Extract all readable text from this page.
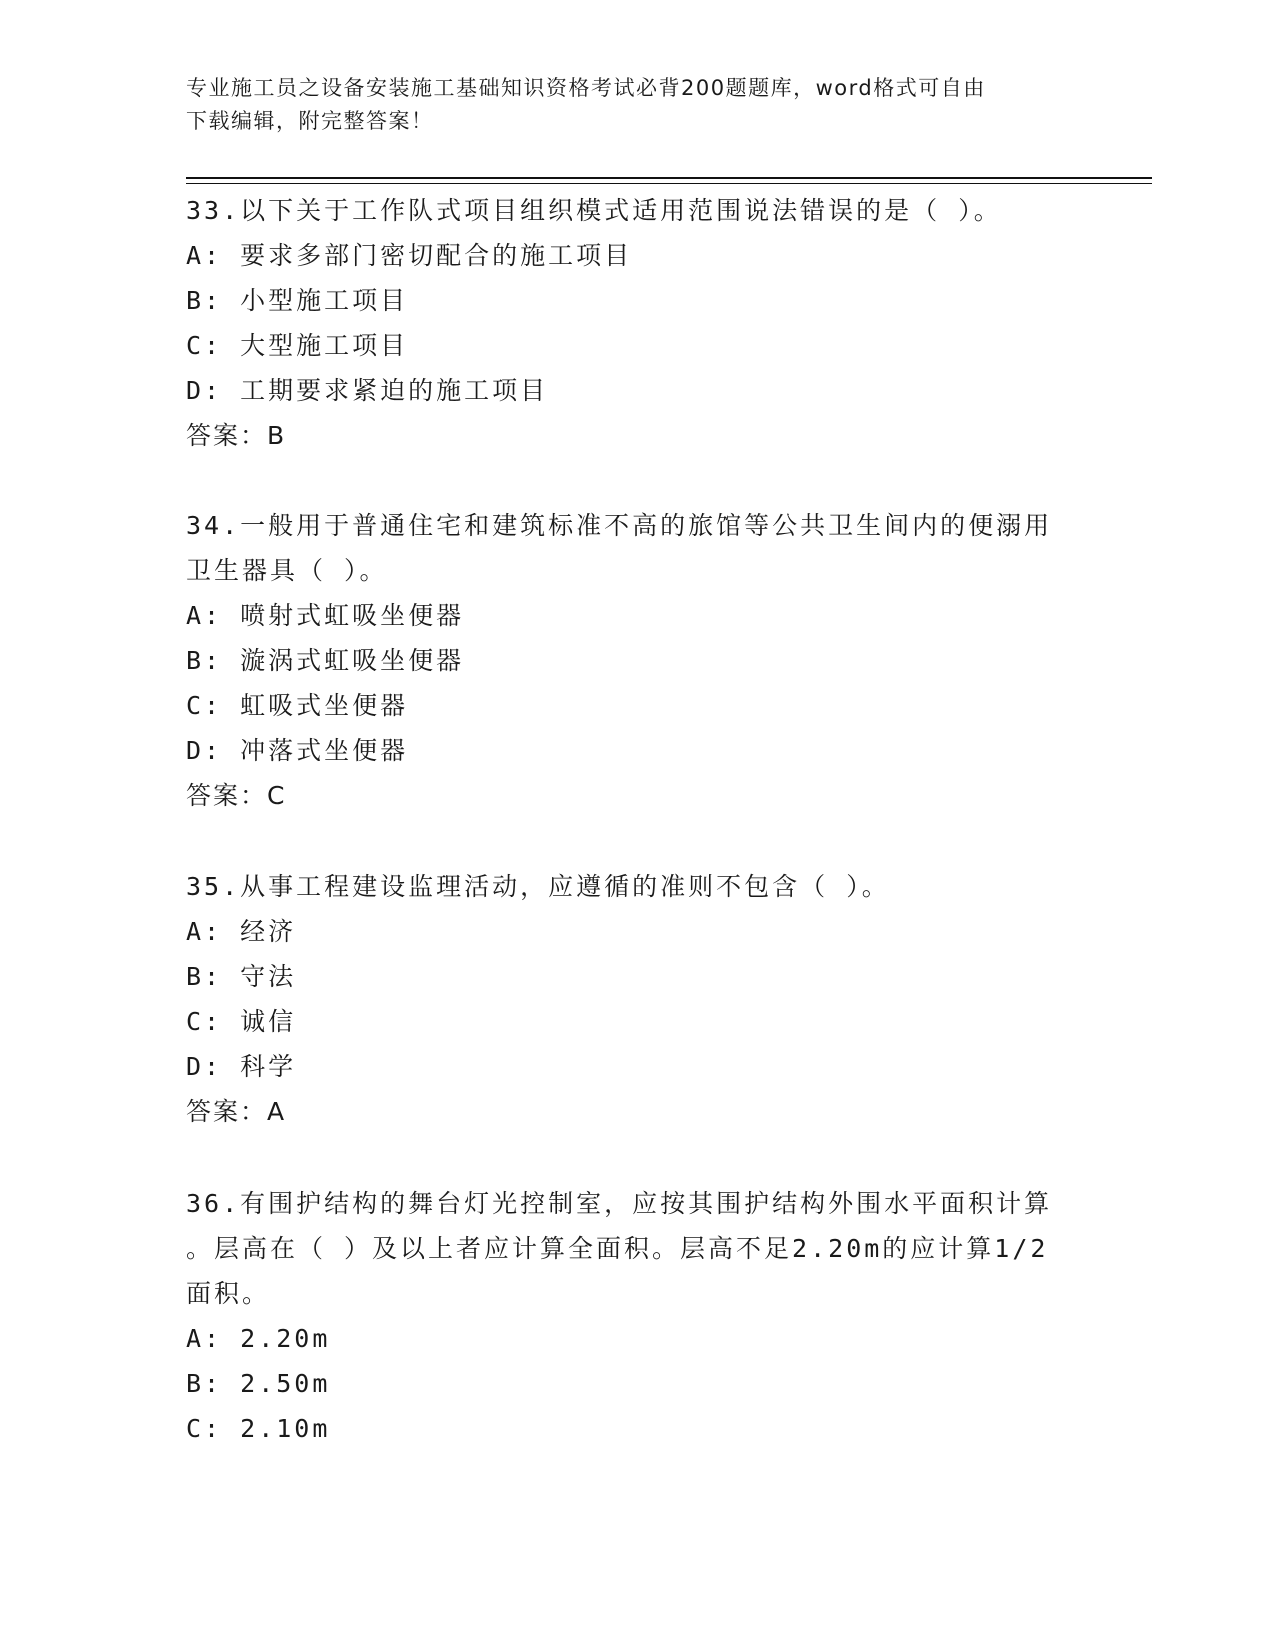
专业施工员之设备安装施工基础知识资格考试必背200题题库，word格式可自由
下载编辑，附完整答案！
33.以下关于工作队式项目组织模式适用范围说法错误的是（ ）。
A: 要求多部门密切配合的施工项目
B: 小型施工项目
C: 大型施工项目
D: 工期要求紧迫的施工项目
答案：B
34.一般用于普通住宅和建筑标准不高的旅馆等公共卫生间内的便溺用
卫生器具（ ）。
A: 喷射式虹吸坐便器
B: 漩涡式虹吸坐便器
C: 虹吸式坐便器
D: 冲落式坐便器
答案：C
35.从事工程建设监理活动，应遵循的准则不包含（ ）。
A: 经济
B: 守法
C: 诚信
D: 科学
答案：A
36.有围护结构的舞台灯光控制室，应按其围护结构外围水平面积计算
。层高在（ ）及以上者应计算全面积。层高不足2.20m的应计算1/2
面积。
A: 2.20m
B: 2.50m
C: 2.10m
